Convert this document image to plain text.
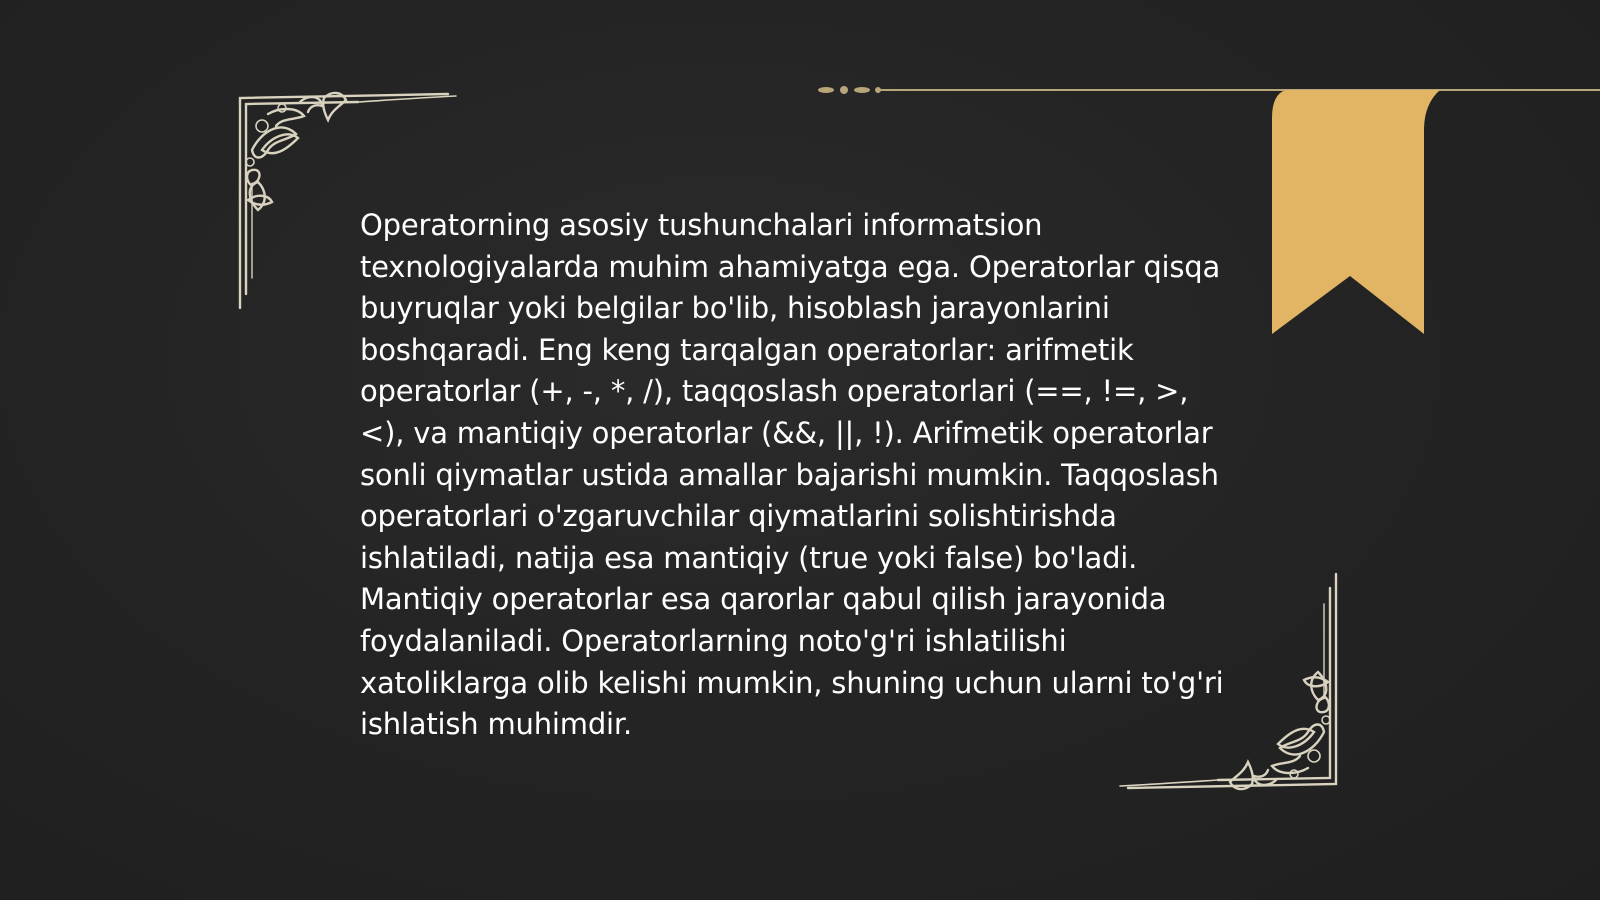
Operatorning asosiy tushunchalari informatsion texnologiyalarda muhim ahamiyatga ega. Operatorlar qisqa buyruqlar yoki belgilar bo'lib, hisoblash jarayonlarini boshqaradi. Eng keng tarqalgan operatorlar: arifmetik operatorlar (+, -, *, /), taqqoslash operatorlari (==, !=, >, <), va mantiqiy operatorlar (&&, ||, !). Arifmetik operatorlar sonli qiymatlar ustida amallar bajarishi mumkin. Taqqoslash operatorlari o'zgaruvchilar qiymatlarini solishtirishda ishlatiladi, natija esa mantiqiy (true yoki false) bo'ladi. Mantiqiy operatorlar esa qarorlar qabul qilish jarayonida foydalaniladi. Operatorlarning noto'g'ri ishlatilishi xatoliklarga olib kelishi mumkin, shuning uchun ularni to'g'ri ishlatish muhimdir.
